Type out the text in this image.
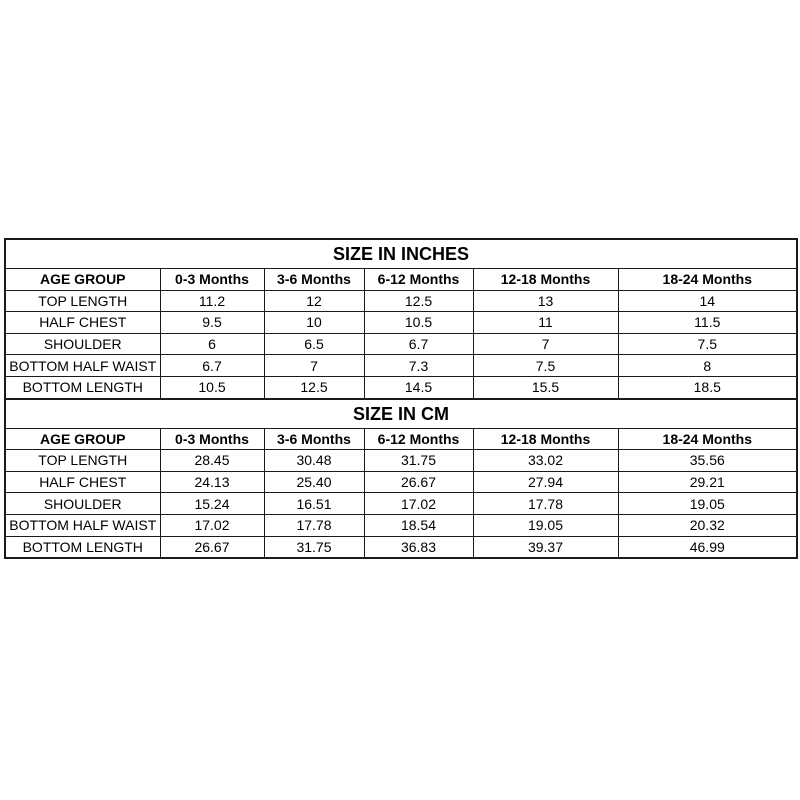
SIZE IN INCHES					
AGE GROUP	0-3 Months	3-6 Months	6-12 Months	12-18 Months	18-24 Months
TOP LENGTH	11.2	12	12.5	13	14
HALF CHEST	9.5	10	10.5	11	11.5
SHOULDER	6	6.5	6.7	7	7.5
BOTTOM HALF WAIST	6.7	7	7.3	7.5	8
BOTTOM LENGTH	10.5	12.5	14.5	15.5	18.5
SIZE IN CM					
AGE GROUP	0-3 Months	3-6 Months	6-12 Months	12-18 Months	18-24 Months
TOP LENGTH	28.45	30.48	31.75	33.02	35.56
HALF CHEST	24.13	25.40	26.67	27.94	29.21
SHOULDER	15.24	16.51	17.02	17.78	19.05
BOTTOM HALF WAIST	17.02	17.78	18.54	19.05	20.32
BOTTOM LENGTH	26.67	31.75	36.83	39.37	46.99
